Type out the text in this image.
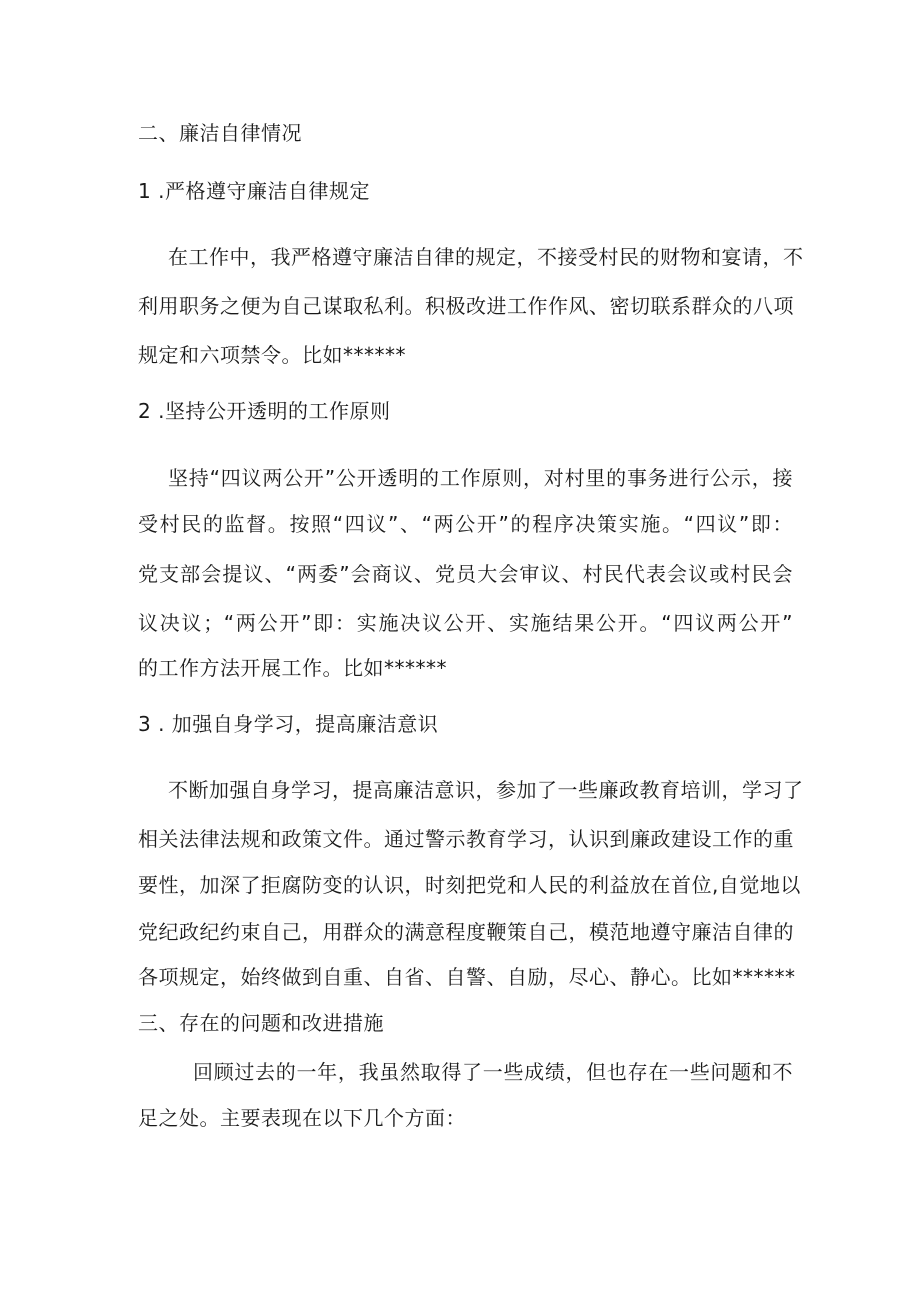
二、廉洁自律情况
1 .严格遵守廉洁自律规定
在工作中，我严格遵守廉洁自律的规定，不接受村民的财物和宴请，不
利用职务之便为自己谋取私利。积极改进工作作风、密切联系群众的八项
规定和六项禁令。比如******
2 .坚持公开透明的工作原则
坚持“四议两公开”公开透明的工作原则，对村里的事务进行公示，接
受村民的监督。按照“四议”、“两公开”的程序决策实施。“四议”即：
党支部会提议、“两委”会商议、党员大会审议、村民代表会议或村民会
议决议；“两公开”即：实施决议公开、实施结果公开。“四议两公开”
的工作方法开展工作。比如******
3 . 加强自身学习，提高廉洁意识
不断加强自身学习，提高廉洁意识，参加了一些廉政教育培训，学习了
相关法律法规和政策文件。通过警示教育学习，认识到廉政建设工作的重
要性，加深了拒腐防变的认识，时刻把党和人民的利益放在首位,自觉地以
党纪政纪约束自己，用群众的满意程度鞭策自己，模范地遵守廉洁自律的
各项规定，始终做到自重、自省、自警、自励，尽心、静心。比如******
三、存在的问题和改进措施
回顾过去的一年，我虽然取得了一些成绩，但也存在一些问题和不
足之处。主要表现在以下几个方面：
